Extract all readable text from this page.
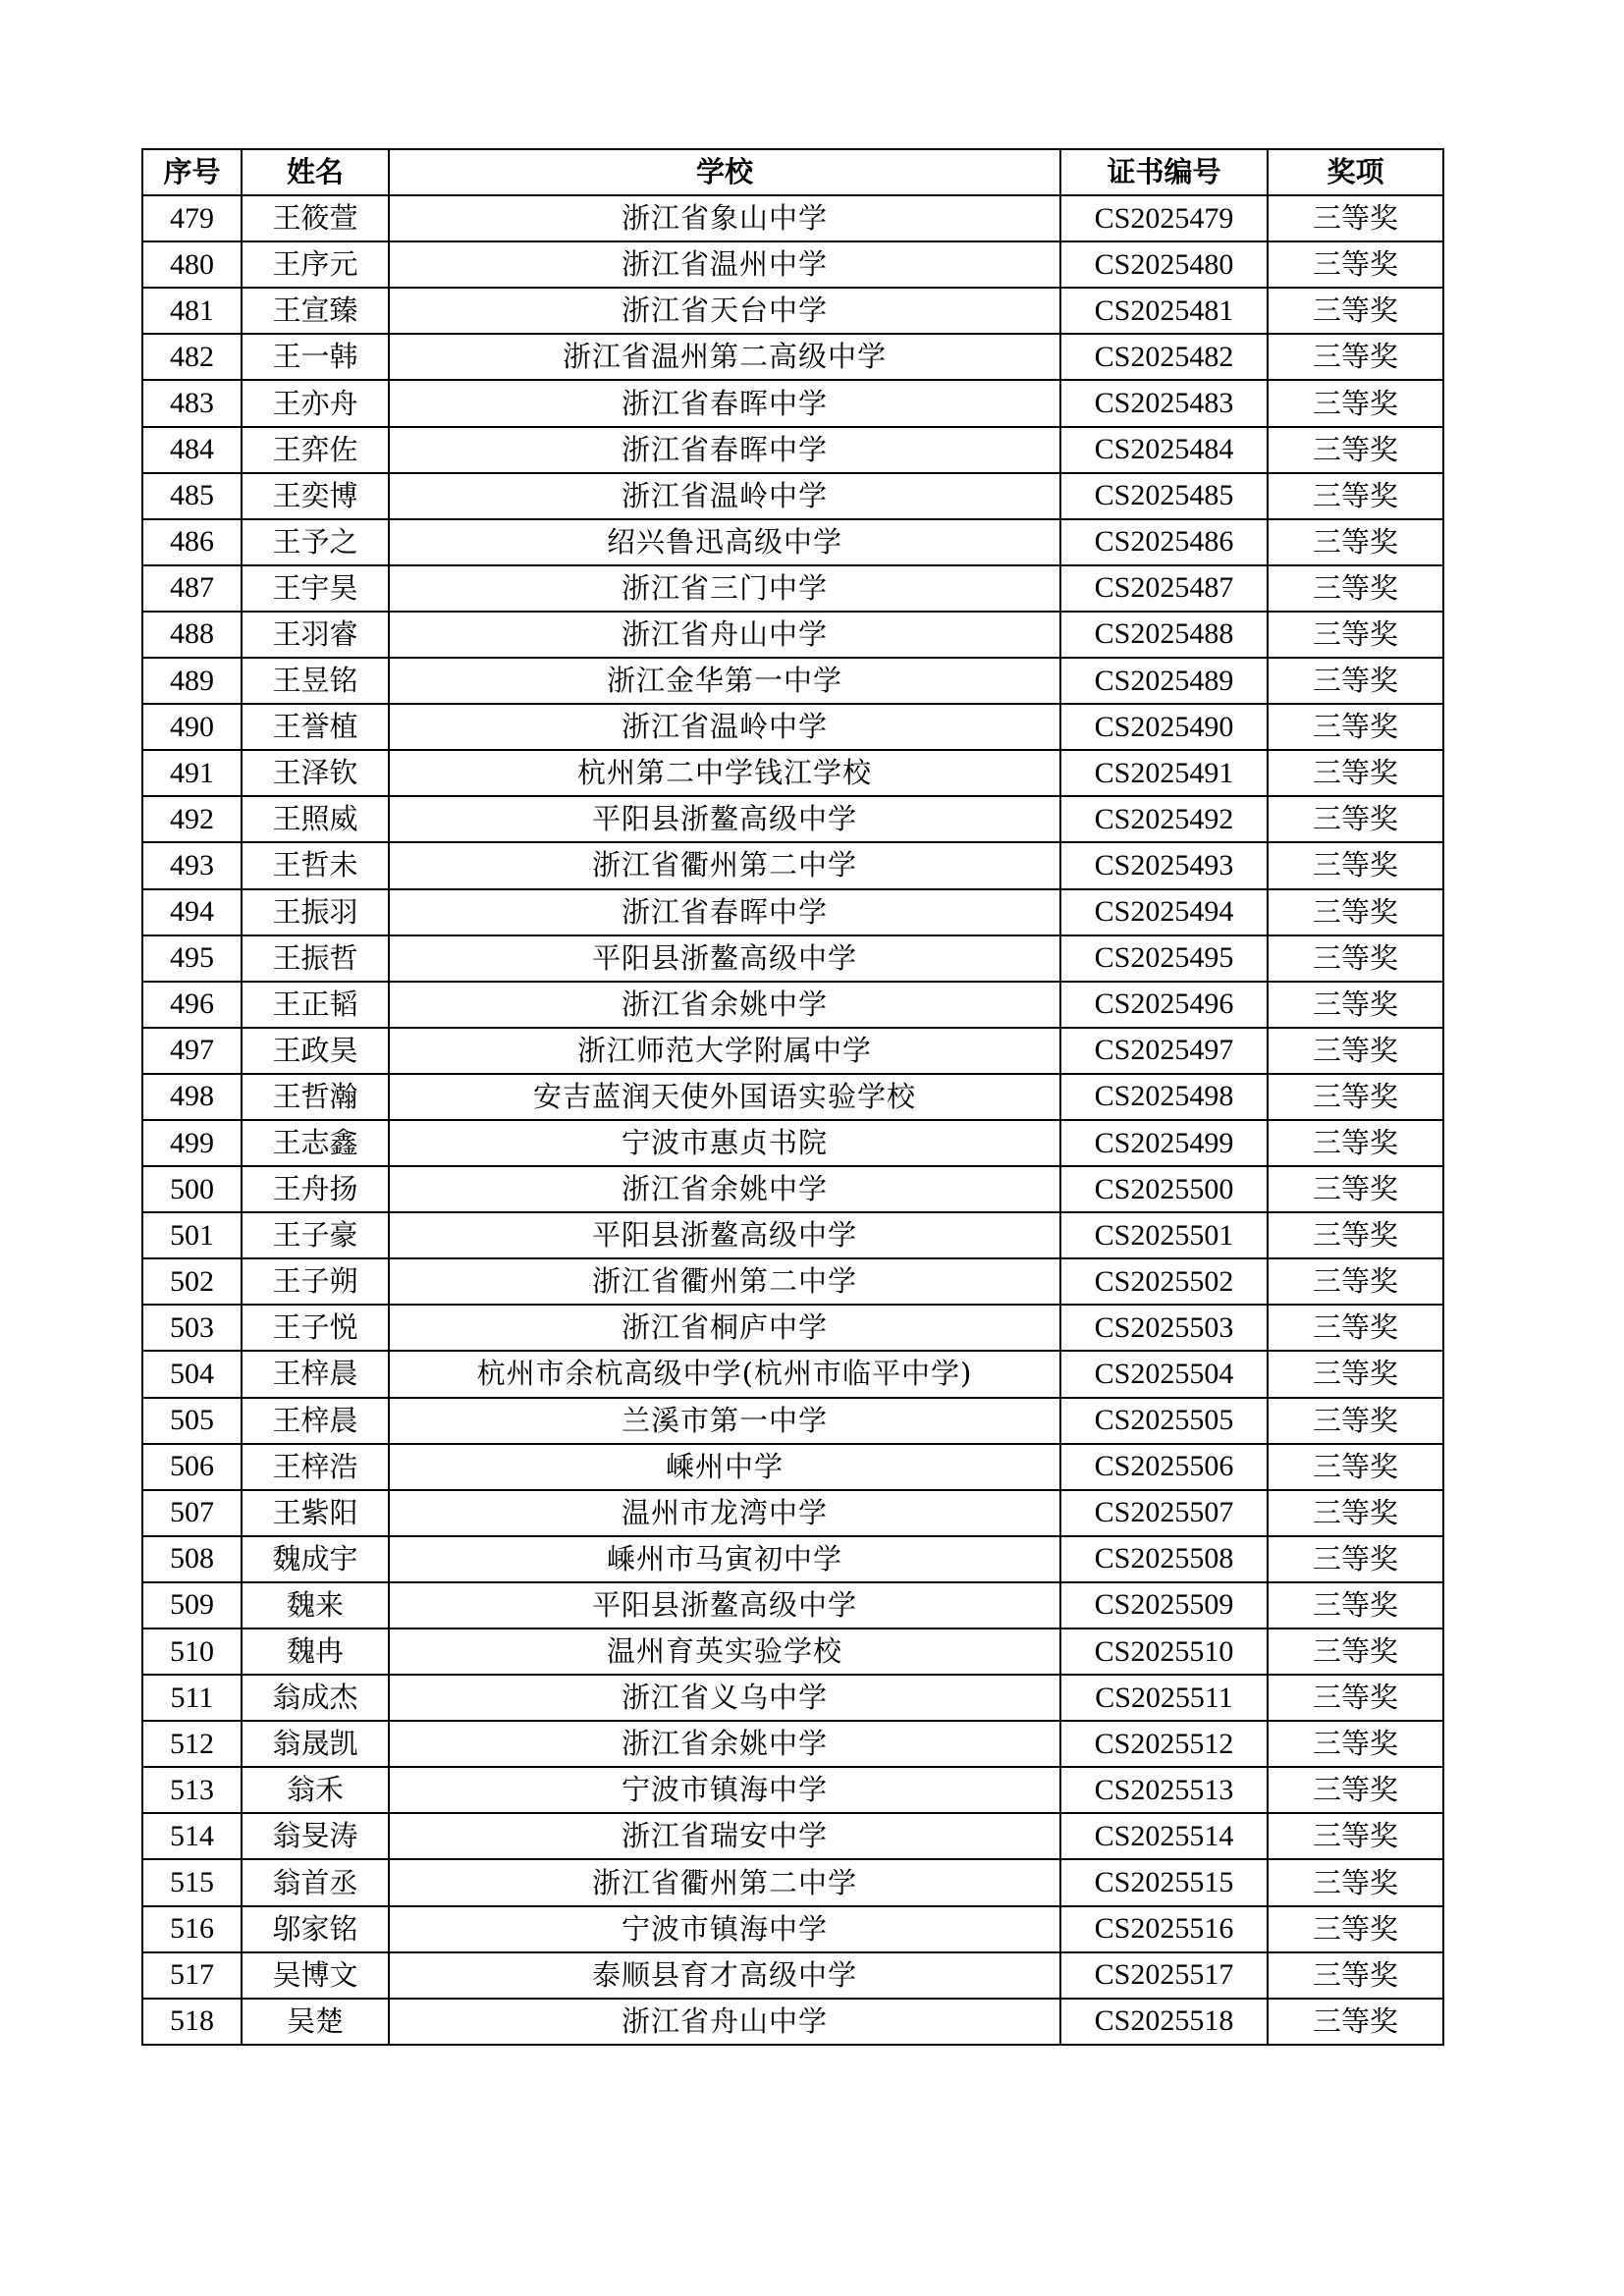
序号	姓名	学校	证书编号	奖项
479	王筱萱	浙江省象山中学	CS2025479	三等奖
480	王序元	浙江省温州中学	CS2025480	三等奖
481	王宣臻	浙江省天台中学	CS2025481	三等奖
482	王一韩	浙江省温州第二高级中学	CS2025482	三等奖
483	王亦舟	浙江省春晖中学	CS2025483	三等奖
484	王弈佐	浙江省春晖中学	CS2025484	三等奖
485	王奕博	浙江省温岭中学	CS2025485	三等奖
486	王予之	绍兴鲁迅高级中学	CS2025486	三等奖
487	王宇昊	浙江省三门中学	CS2025487	三等奖
488	王羽睿	浙江省舟山中学	CS2025488	三等奖
489	王昱铭	浙江金华第一中学	CS2025489	三等奖
490	王誉植	浙江省温岭中学	CS2025490	三等奖
491	王泽钦	杭州第二中学钱江学校	CS2025491	三等奖
492	王照威	平阳县浙鳌高级中学	CS2025492	三等奖
493	王哲未	浙江省衢州第二中学	CS2025493	三等奖
494	王振羽	浙江省春晖中学	CS2025494	三等奖
495	王振哲	平阳县浙鳌高级中学	CS2025495	三等奖
496	王正韬	浙江省余姚中学	CS2025496	三等奖
497	王政昊	浙江师范大学附属中学	CS2025497	三等奖
498	王哲瀚	安吉蓝润天使外国语实验学校	CS2025498	三等奖
499	王志鑫	宁波市惠贞书院	CS2025499	三等奖
500	王舟扬	浙江省余姚中学	CS2025500	三等奖
501	王子豪	平阳县浙鳌高级中学	CS2025501	三等奖
502	王子朔	浙江省衢州第二中学	CS2025502	三等奖
503	王子悦	浙江省桐庐中学	CS2025503	三等奖
504	王梓晨	杭州市余杭高级中学(杭州市临平中学)	CS2025504	三等奖
505	王梓晨	兰溪市第一中学	CS2025505	三等奖
506	王梓浩	嵊州中学	CS2025506	三等奖
507	王紫阳	温州市龙湾中学	CS2025507	三等奖
508	魏成宇	嵊州市马寅初中学	CS2025508	三等奖
509	魏来	平阳县浙鳌高级中学	CS2025509	三等奖
510	魏冉	温州育英实验学校	CS2025510	三等奖
511	翁成杰	浙江省义乌中学	CS2025511	三等奖
512	翁晟凯	浙江省余姚中学	CS2025512	三等奖
513	翁禾	宁波市镇海中学	CS2025513	三等奖
514	翁旻涛	浙江省瑞安中学	CS2025514	三等奖
515	翁首丞	浙江省衢州第二中学	CS2025515	三等奖
516	邬家铭	宁波市镇海中学	CS2025516	三等奖
517	吴博文	泰顺县育才高级中学	CS2025517	三等奖
518	吴楚	浙江省舟山中学	CS2025518	三等奖
